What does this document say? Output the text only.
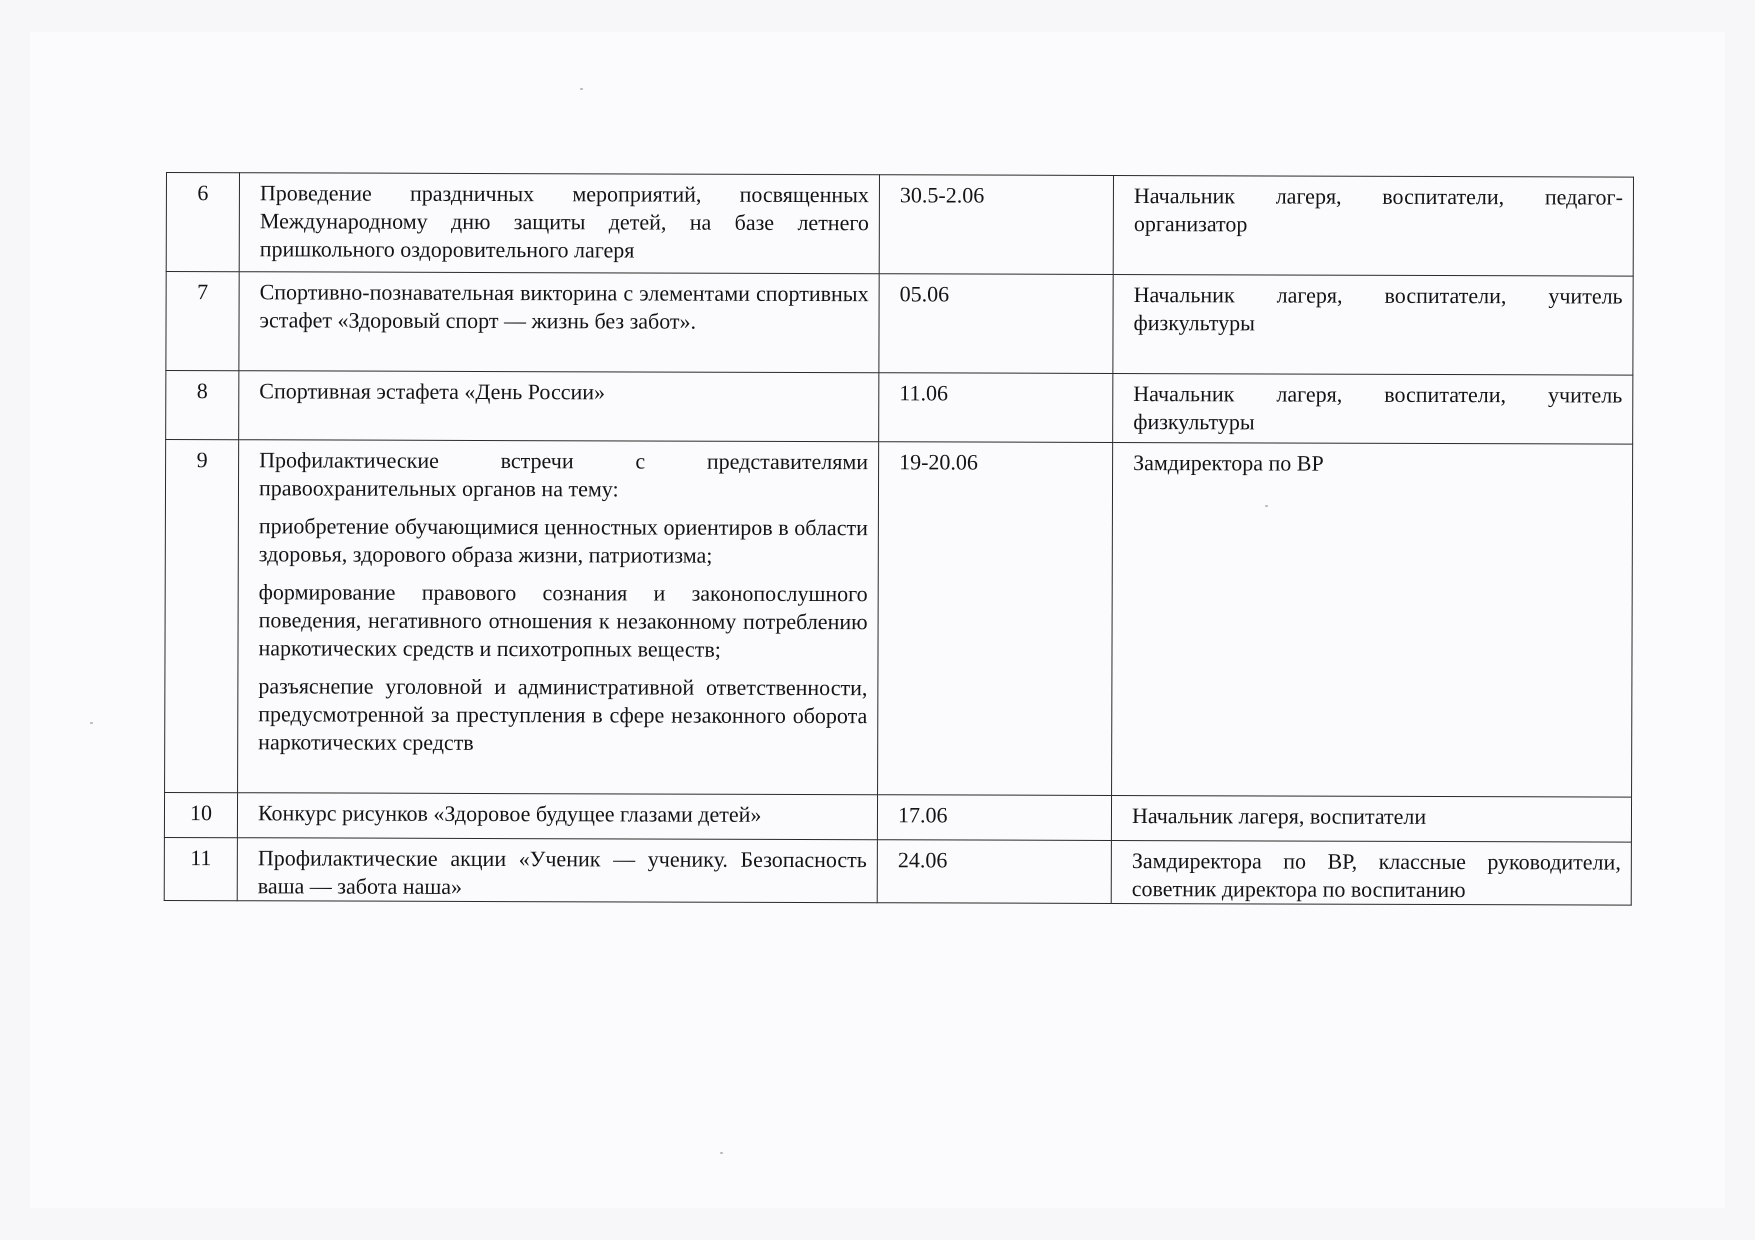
6	Проведение праздничных мероприятий, посвященных Международному дню защиты детей, на базе летнего пришкольного оздоровительного лагеря	30.5-2.06	Начальник лагеря, воспитатели, педагог-организатор
7	Спортивно-познавательная викторина с элементами спортивных эстафет «Здоровый спорт — жизнь без забот».	05.06	Начальник лагеря, воспитатели, учитель физкультуры
8	Спортивная эстафета «День России»	11.06	Начальник лагеря, воспитатели, учитель физкультуры
9	Профилактические встречи с представителями правоохранительных органов на тему:

приобретение обучающимися ценностных ориентиров в области здоровья, здорового образа жизни, патриотизма;

формирование правового сознания и законопослушного поведения, негативного отношения к незаконному потреблению наркотических средств и психотропных веществ;

разъяснепие уголовной и административной ответственности, предусмотренной за преступления в сфере незаконного оборота наркотических средств	19-20.06	Замдиректора по ВР
10	Конкурс рисунков «Здоровое будущее глазами детей»	17.06	Начальник лагеря, воспитатели
11	Профилактические акции «Ученик — ученику. Безопасность ваша — забота наша»	24.06	Замдиректора по ВР, классные руководители, советник директора по воспитанию
